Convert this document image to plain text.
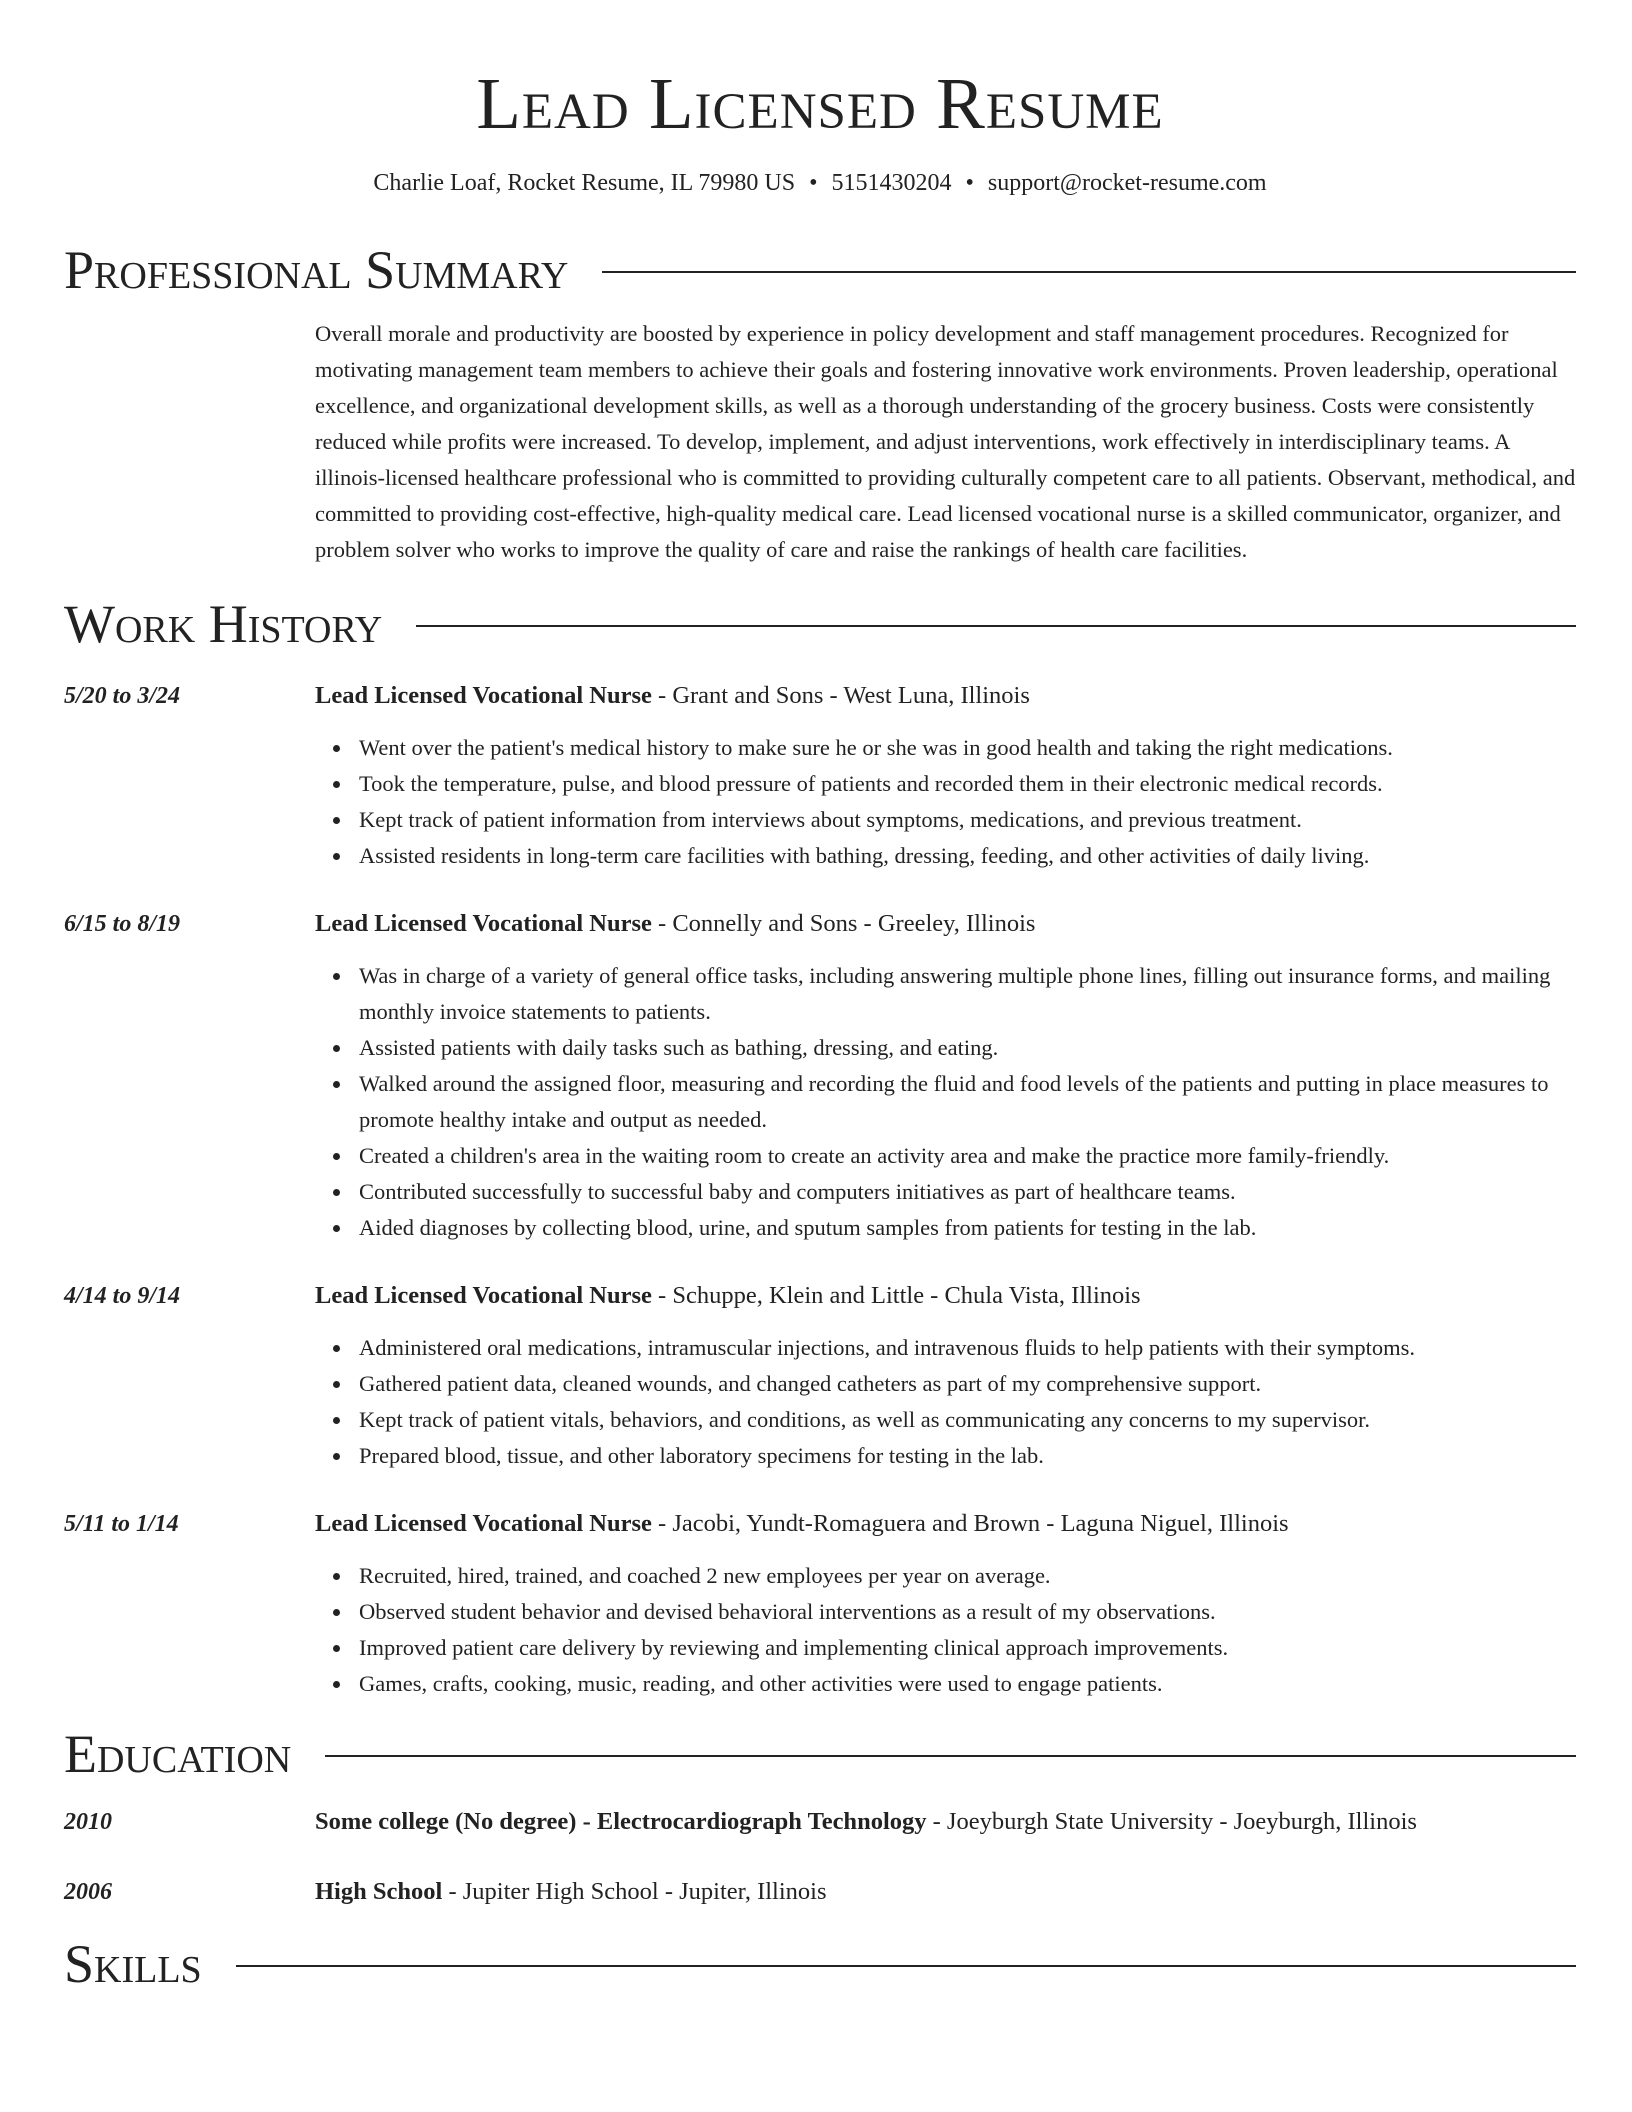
Lead Licensed Resume
Charlie Loaf, Rocket Resume, IL 79980 US • 5151430204 • support@rocket-resume.com
Professional Summary
Overall morale and productivity are boosted by experience in policy development and staff management procedures. Recognized for motivating management team members to achieve their goals and fostering innovative work environments. Proven leadership, operational excellence, and organizational development skills, as well as a thorough understanding of the grocery business. Costs were consistently reduced while profits were increased. To develop, implement, and adjust interventions, work effectively in interdisciplinary teams. A illinois-licensed healthcare professional who is committed to providing culturally competent care to all patients. Observant, methodical, and committed to providing cost-effective, high-quality medical care. Lead licensed vocational nurse is a skilled communicator, organizer, and problem solver who works to improve the quality of care and raise the rankings of health care facilities.
Work History
5/20 to 3/24	Lead Licensed Vocational Nurse - Grant and Sons - West Luna, Illinois
Went over the patient's medical history to make sure he or she was in good health and taking the right medications.
Took the temperature, pulse, and blood pressure of patients and recorded them in their electronic medical records.
Kept track of patient information from interviews about symptoms, medications, and previous treatment.
Assisted residents in long-term care facilities with bathing, dressing, feeding, and other activities of daily living.
6/15 to 8/19	Lead Licensed Vocational Nurse - Connelly and Sons - Greeley, Illinois
Was in charge of a variety of general office tasks, including answering multiple phone lines, filling out insurance forms, and mailing monthly invoice statements to patients.
Assisted patients with daily tasks such as bathing, dressing, and eating.
Walked around the assigned floor, measuring and recording the fluid and food levels of the patients and putting in place measures to promote healthy intake and output as needed.
Created a children's area in the waiting room to create an activity area and make the practice more family-friendly.
Contributed successfully to successful baby and computers initiatives as part of healthcare teams.
Aided diagnoses by collecting blood, urine, and sputum samples from patients for testing in the lab.
4/14 to 9/14	Lead Licensed Vocational Nurse - Schuppe, Klein and Little - Chula Vista, Illinois
Administered oral medications, intramuscular injections, and intravenous fluids to help patients with their symptoms.
Gathered patient data, cleaned wounds, and changed catheters as part of my comprehensive support.
Kept track of patient vitals, behaviors, and conditions, as well as communicating any concerns to my supervisor.
Prepared blood, tissue, and other laboratory specimens for testing in the lab.
5/11 to 1/14	Lead Licensed Vocational Nurse - Jacobi, Yundt-Romaguera and Brown - Laguna Niguel, Illinois
Recruited, hired, trained, and coached 2 new employees per year on average.
Observed student behavior and devised behavioral interventions as a result of my observations.
Improved patient care delivery by reviewing and implementing clinical approach improvements.
Games, crafts, cooking, music, reading, and other activities were used to engage patients.
Education
2010	Some college (No degree) - Electrocardiograph Technology - Joeyburgh State University - Joeyburgh, Illinois
2006	High School - Jupiter High School - Jupiter, Illinois
Skills
